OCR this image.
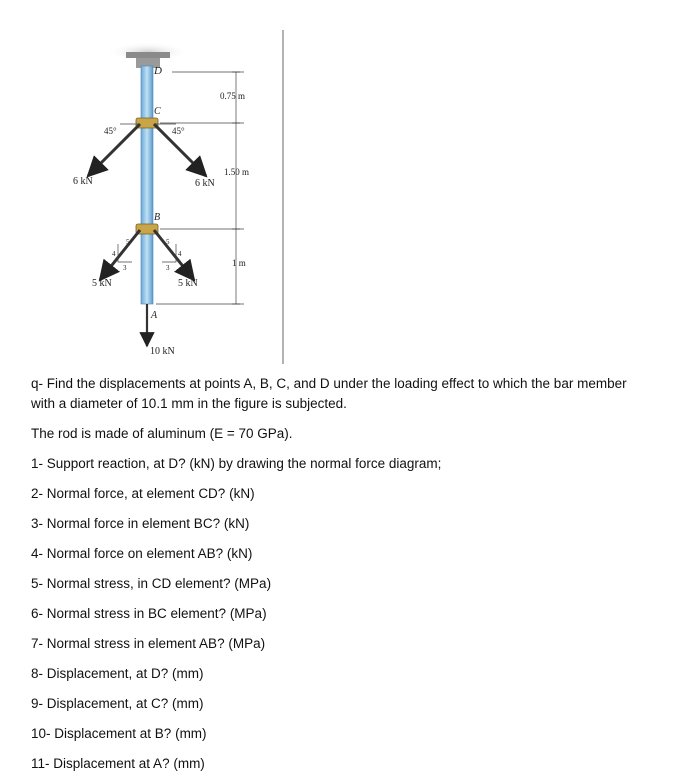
D
C
B
A
45°	45°
6 kN	6 kN
5 kN	5 kN
10 kN
0.75 m
1.50 m
1 m
4
3
5
4
3
5

q- Find the displacements at points A, B, C, and D under the loading effect to which the bar member with a diameter of 10.1 mm in the figure is subjected.

The rod is made of aluminum (E = 70 GPa).

1- Support reaction, at D? (kN) by drawing the normal force diagram;
2- Normal force, at element CD? (kN)
3- Normal force in element BC? (kN)
4- Normal force on element AB? (kN)
5- Normal stress, in CD element? (MPa)
6- Normal stress in BC element? (MPa)
7- Normal stress in element AB? (MPa)
8- Displacement, at D? (mm)
9- Displacement, at C? (mm)
10- Displacement at B? (mm)
11- Displacement at A? (mm)
